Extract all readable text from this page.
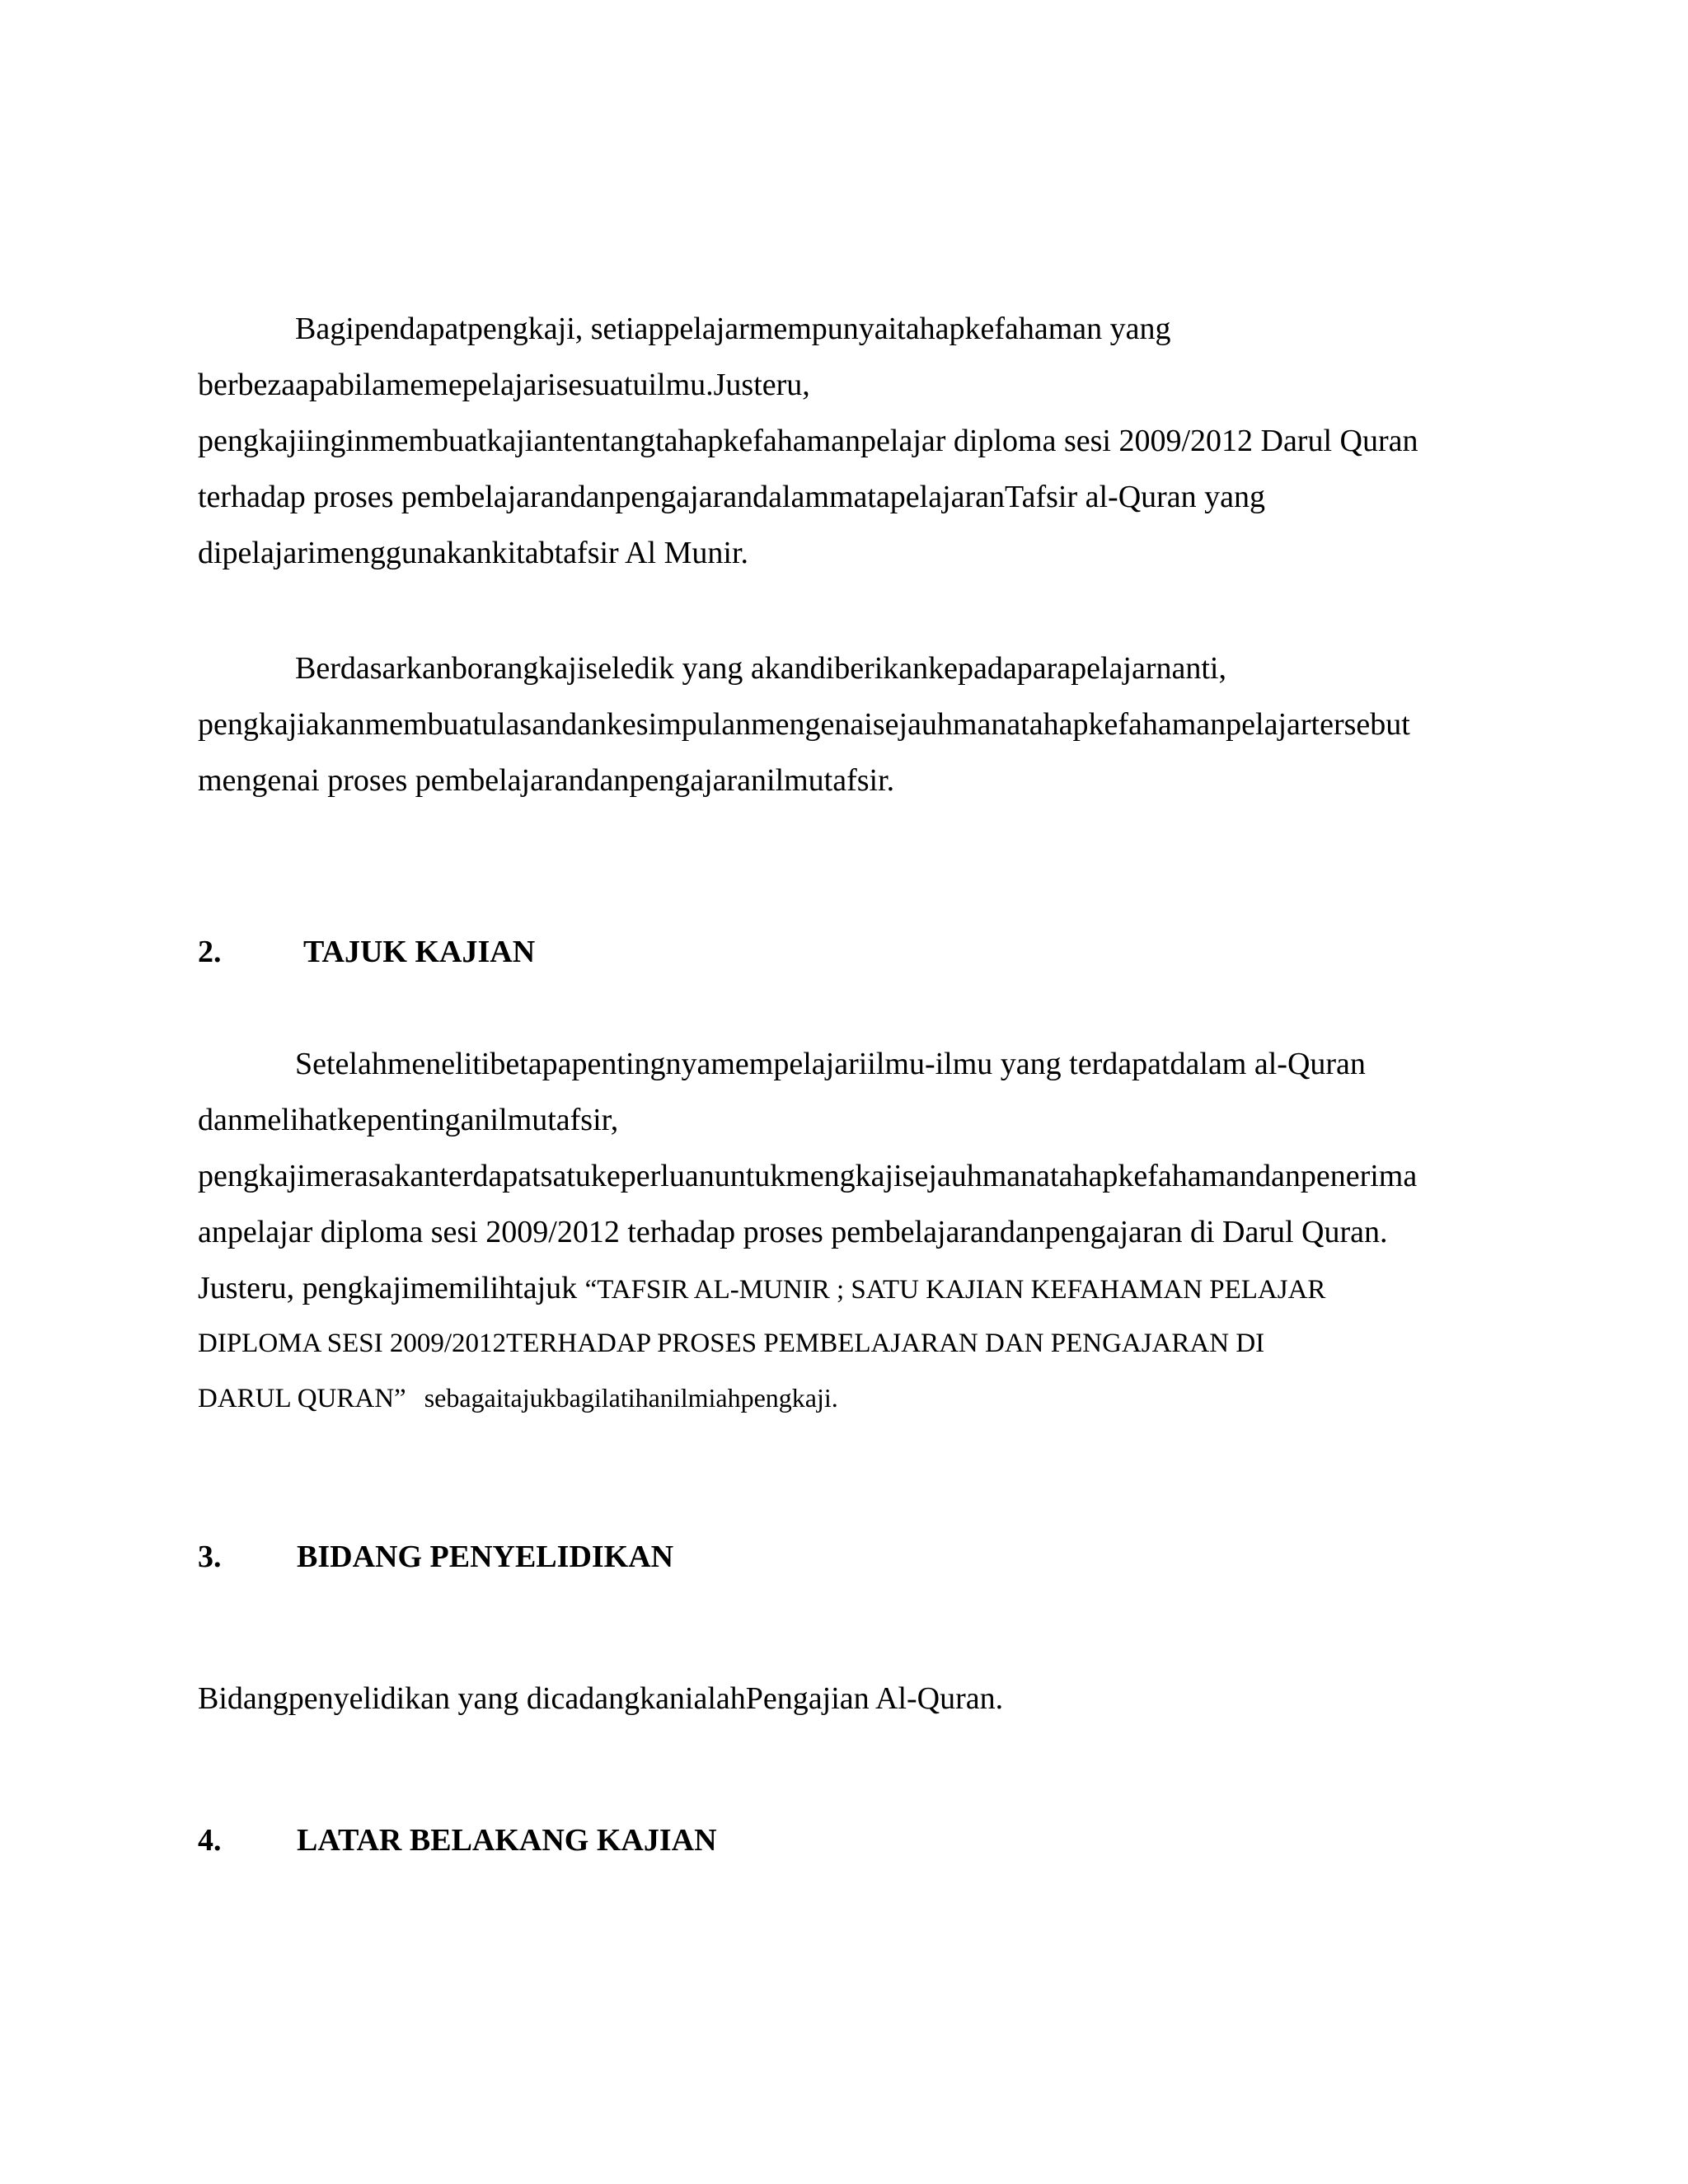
Bagipendapatpengkaji, setiappelajarmempunyaitahapkefahaman yang
berbezaapabilamemepelajarisesuatuilmu.Justeru,
pengkajiinginmembuatkajiantentangtahapkefahamanpelajar diploma sesi 2009/2012 Darul Quran
terhadap proses pembelajarandanpengajarandalammatapelajaranTafsir al-Quran yang
dipelajarimenggunakankitabtafsir Al Munir.
Berdasarkanborangkajiseledik yang akandiberikankepadaparapelajarnanti,
pengkajiakanmembuatulasandankesimpulanmengenaisejauhmanatahapkefahamanpelajartersebut
mengenai proses pembelajarandanpengajaranilmutafsir.
2.	TAJUK KAJIAN
Setelahmenelitibetapapentingnyamempelajariilmu-ilmu yang terdapatdalam al-Quran
danmelihatkepentinganilmutafsir,
pengkajimerasakanterdapatsatukeperluanuntukmengkajisejauhmanatahapkefahamandanpenerima
anpelajar diploma sesi 2009/2012 terhadap proses pembelajarandanpengajaran di Darul Quran.
Justeru, pengkajimemilihtajuk “TAFSIR AL-MUNIR ; SATU KAJIAN KEFAHAMAN PELAJAR
DIPLOMA SESI 2009/2012TERHADAP PROSES PEMBELAJARAN DAN PENGAJARAN DI
DARUL QURAN” sebagaitajukbagilatihanilmiahpengkaji.
3. BIDANG PENYELIDIKAN
Bidangpenyelidikan yang dicadangkanialahPengajian Al-Quran.
4. LATAR BELAKANG KAJIAN
